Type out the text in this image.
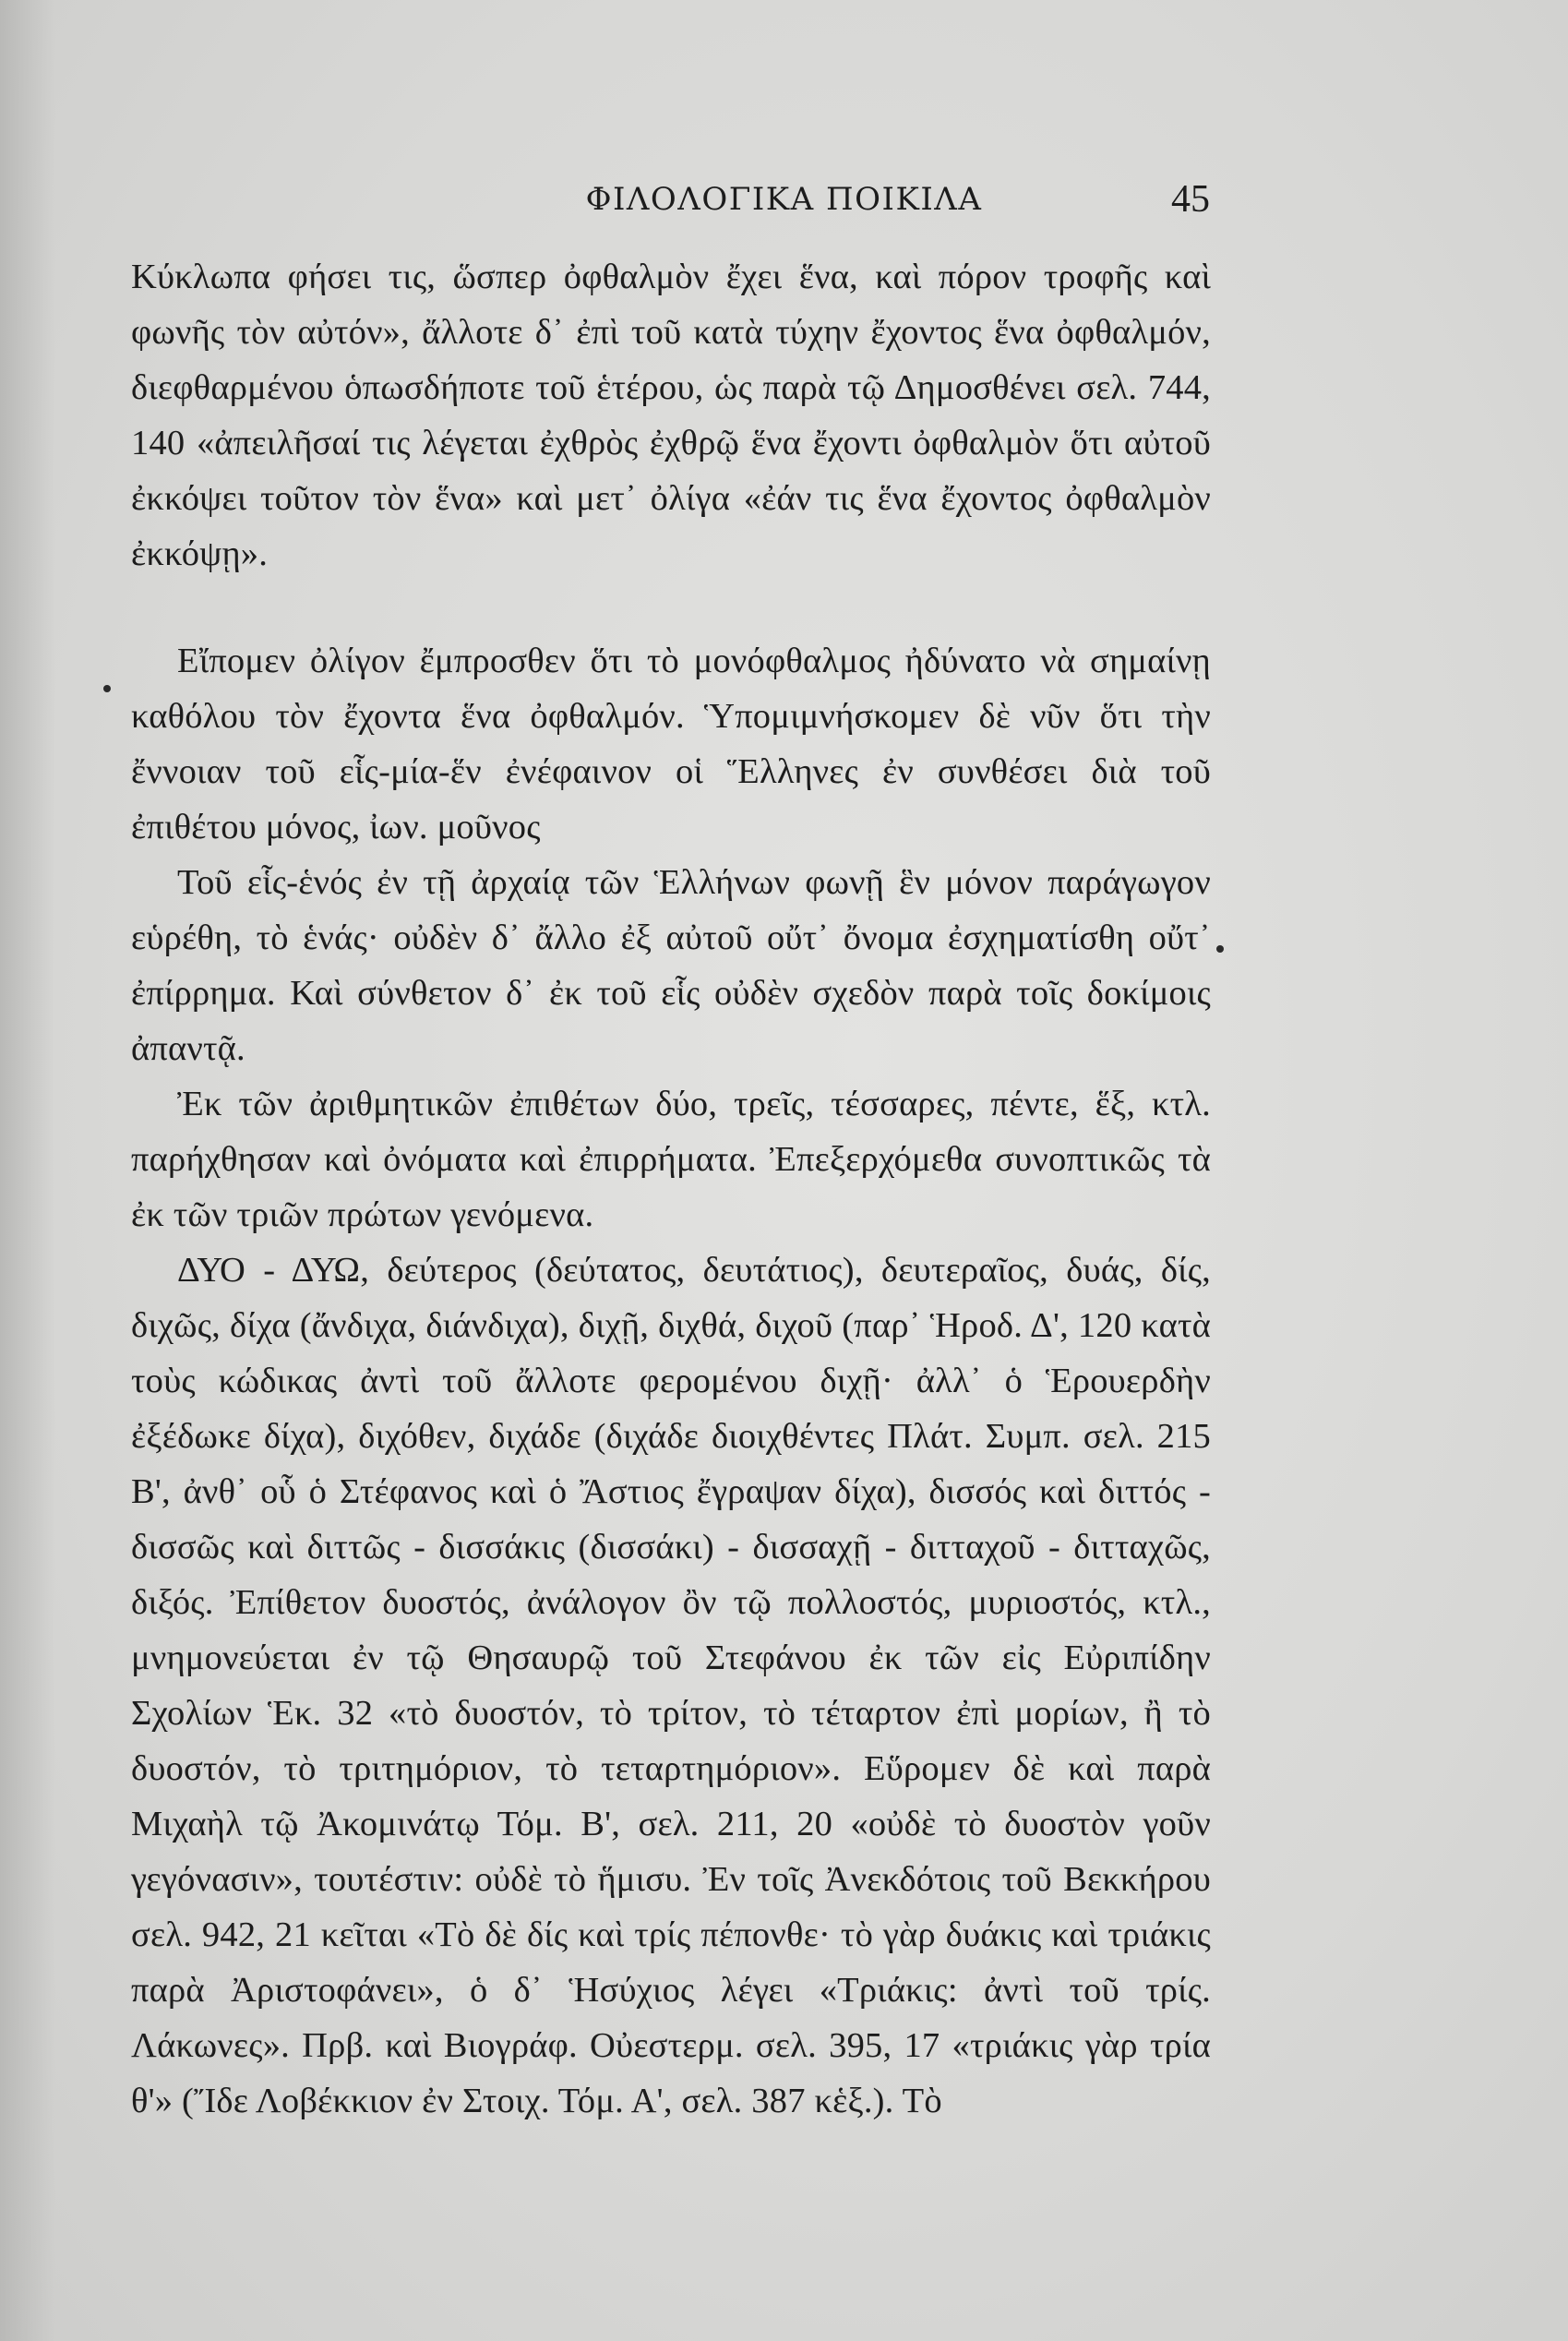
ΦΙΛΟΛΟΓΙΚΑ ΠΟΙΚΙΛΑ	45

Κύκλωπα φήσει τις, ὥσπερ ὀφθαλμὸν ἔχει ἕνα, καὶ πόρον τροφῆς καὶ φωνῆς τὸν αὐτόν», ἄλλοτε δ᾽ ἐπὶ τοῦ κατὰ τύχην ἔχοντος ἕνα ὀφθαλμόν, διεφθαρμένου ὁπωσδήποτε τοῦ ἑτέρου, ὡς παρὰ τῷ Δημοσθένει σελ. 744, 140 «ἀπειλῆσαί τις λέγεται ἐχθρὸς ἐχθρῷ ἕνα ἔχοντι ὀφθαλμὸν ὅτι αὐτοῦ ἐκκόψει τοῦτον τὸν ἕνα» καὶ μετ᾽ ὀλίγα «ἐάν τις ἕνα ἔχοντος ὀφθαλμὸν ἐκκόψῃ».

Εἴπομεν ὀλίγον ἔμπροσθεν ὅτι τὸ μονόφθαλμος ἠδύνατο νὰ σημαίνῃ καθόλου τὸν ἔχοντα ἕνα ὀφθαλμόν. Ὑπομιμνήσκομεν δὲ νῦν ὅτι τὴν ἔννοιαν τοῦ εἷς-μία-ἕν ἐνέφαινον οἱ Ἕλληνες ἐν συνθέσει διὰ τοῦ ἐπιθέτου μόνος, ἰων. μοῦνος

Τοῦ εἷς-ἑνός ἐν τῇ ἀρχαίᾳ τῶν Ἑλλήνων φωνῇ ἓν μόνον παράγωγον εὑρέθη, τὸ ἑνάς· οὐδὲν δ᾽ ἄλλο ἐξ αὐτοῦ οὔτ᾽ ὄνομα ἐσχηματίσθη οὔτ᾽ ἐπίρρημα. Καὶ σύνθετον δ᾽ ἐκ τοῦ εἷς οὐδὲν σχεδὸν παρὰ τοῖς δοκίμοις ἀπαντᾷ.

Ἐκ τῶν ἀριθμητικῶν ἐπιθέτων δύο, τρεῖς, τέσσαρες, πέντε, ἕξ, κτλ. παρήχθησαν καὶ ὀνόματα καὶ ἐπιρρήματα. Ἐπεξερχόμεθα συνοπτικῶς τὰ ἐκ τῶν τριῶν πρώτων γενόμενα.

ΔΥΟ - ΔΥΩ, δεύτερος (δεύτατος, δευτάτιος), δευτεραῖος, δυάς, δίς, διχῶς, δίχα (ἄνδιχα, διάνδιχα), διχῇ, διχθά, διχοῦ (παρ᾽ Ἡροδ. Δ', 120 κατὰ τοὺς κώδικας ἀντὶ τοῦ ἄλλοτε φερομένου διχῇ· ἀλλ᾽ ὁ Ἑρουερδὴν ἐξέδωκε δίχα), διχόθεν, διχάδε (διχάδε διοιχθέντες Πλάτ. Συμπ. σελ. 215 Β', ἀνθ᾽ οὗ ὁ Στέφανος καὶ ὁ Ἄστιος ἔγραψαν δίχα), δισσός καὶ διττός - δισσῶς καὶ διττῶς - δισσάκις (δισσάκι) - δισσαχῇ - διτταχοῦ - διτταχῶς, διξός. Ἐπίθετον δυοστός, ἀνάλογον ὂν τῷ πολλοστός, μυριοστός, κτλ., μνημονεύεται ἐν τῷ Θησαυρῷ τοῦ Στεφάνου ἐκ τῶν εἰς Εὐριπίδην Σχολίων Ἑκ. 32 «τὸ δυοστόν, τὸ τρίτον, τὸ τέταρτον ἐπὶ μορίων, ἢ τὸ δυοστόν, τὸ τριτημόριον, τὸ τεταρτημόριον». Εὕρομεν δὲ καὶ παρὰ Μιχαὴλ τῷ Ἀκομινάτῳ Τόμ. Β', σελ. 211, 20 «οὐδὲ τὸ δυοστὸν γοῦν γεγόνασιν», τουτέστιν: οὐδὲ τὸ ἥμισυ. Ἐν τοῖς Ἀνεκδότοις τοῦ Βεκκήρου σελ. 942, 21 κεῖται «Τὸ δὲ δίς καὶ τρίς πέπονθε· τὸ γὰρ δυάκις καὶ τριάκις παρὰ Ἀριστοφάνει», ὁ δ᾽ Ἡσύχιος λέγει «Τριάκις: ἀντὶ τοῦ τρίς. Λάκωνες». Πρβ. καὶ Βιογράφ. Οὐεστερμ. σελ. 395, 17 «τριάκις γὰρ τρία θ'» (Ἴδε Λοβέκκιον ἐν Στοιχ. Τόμ. Α', σελ. 387 κἑξ.). Τὸ
